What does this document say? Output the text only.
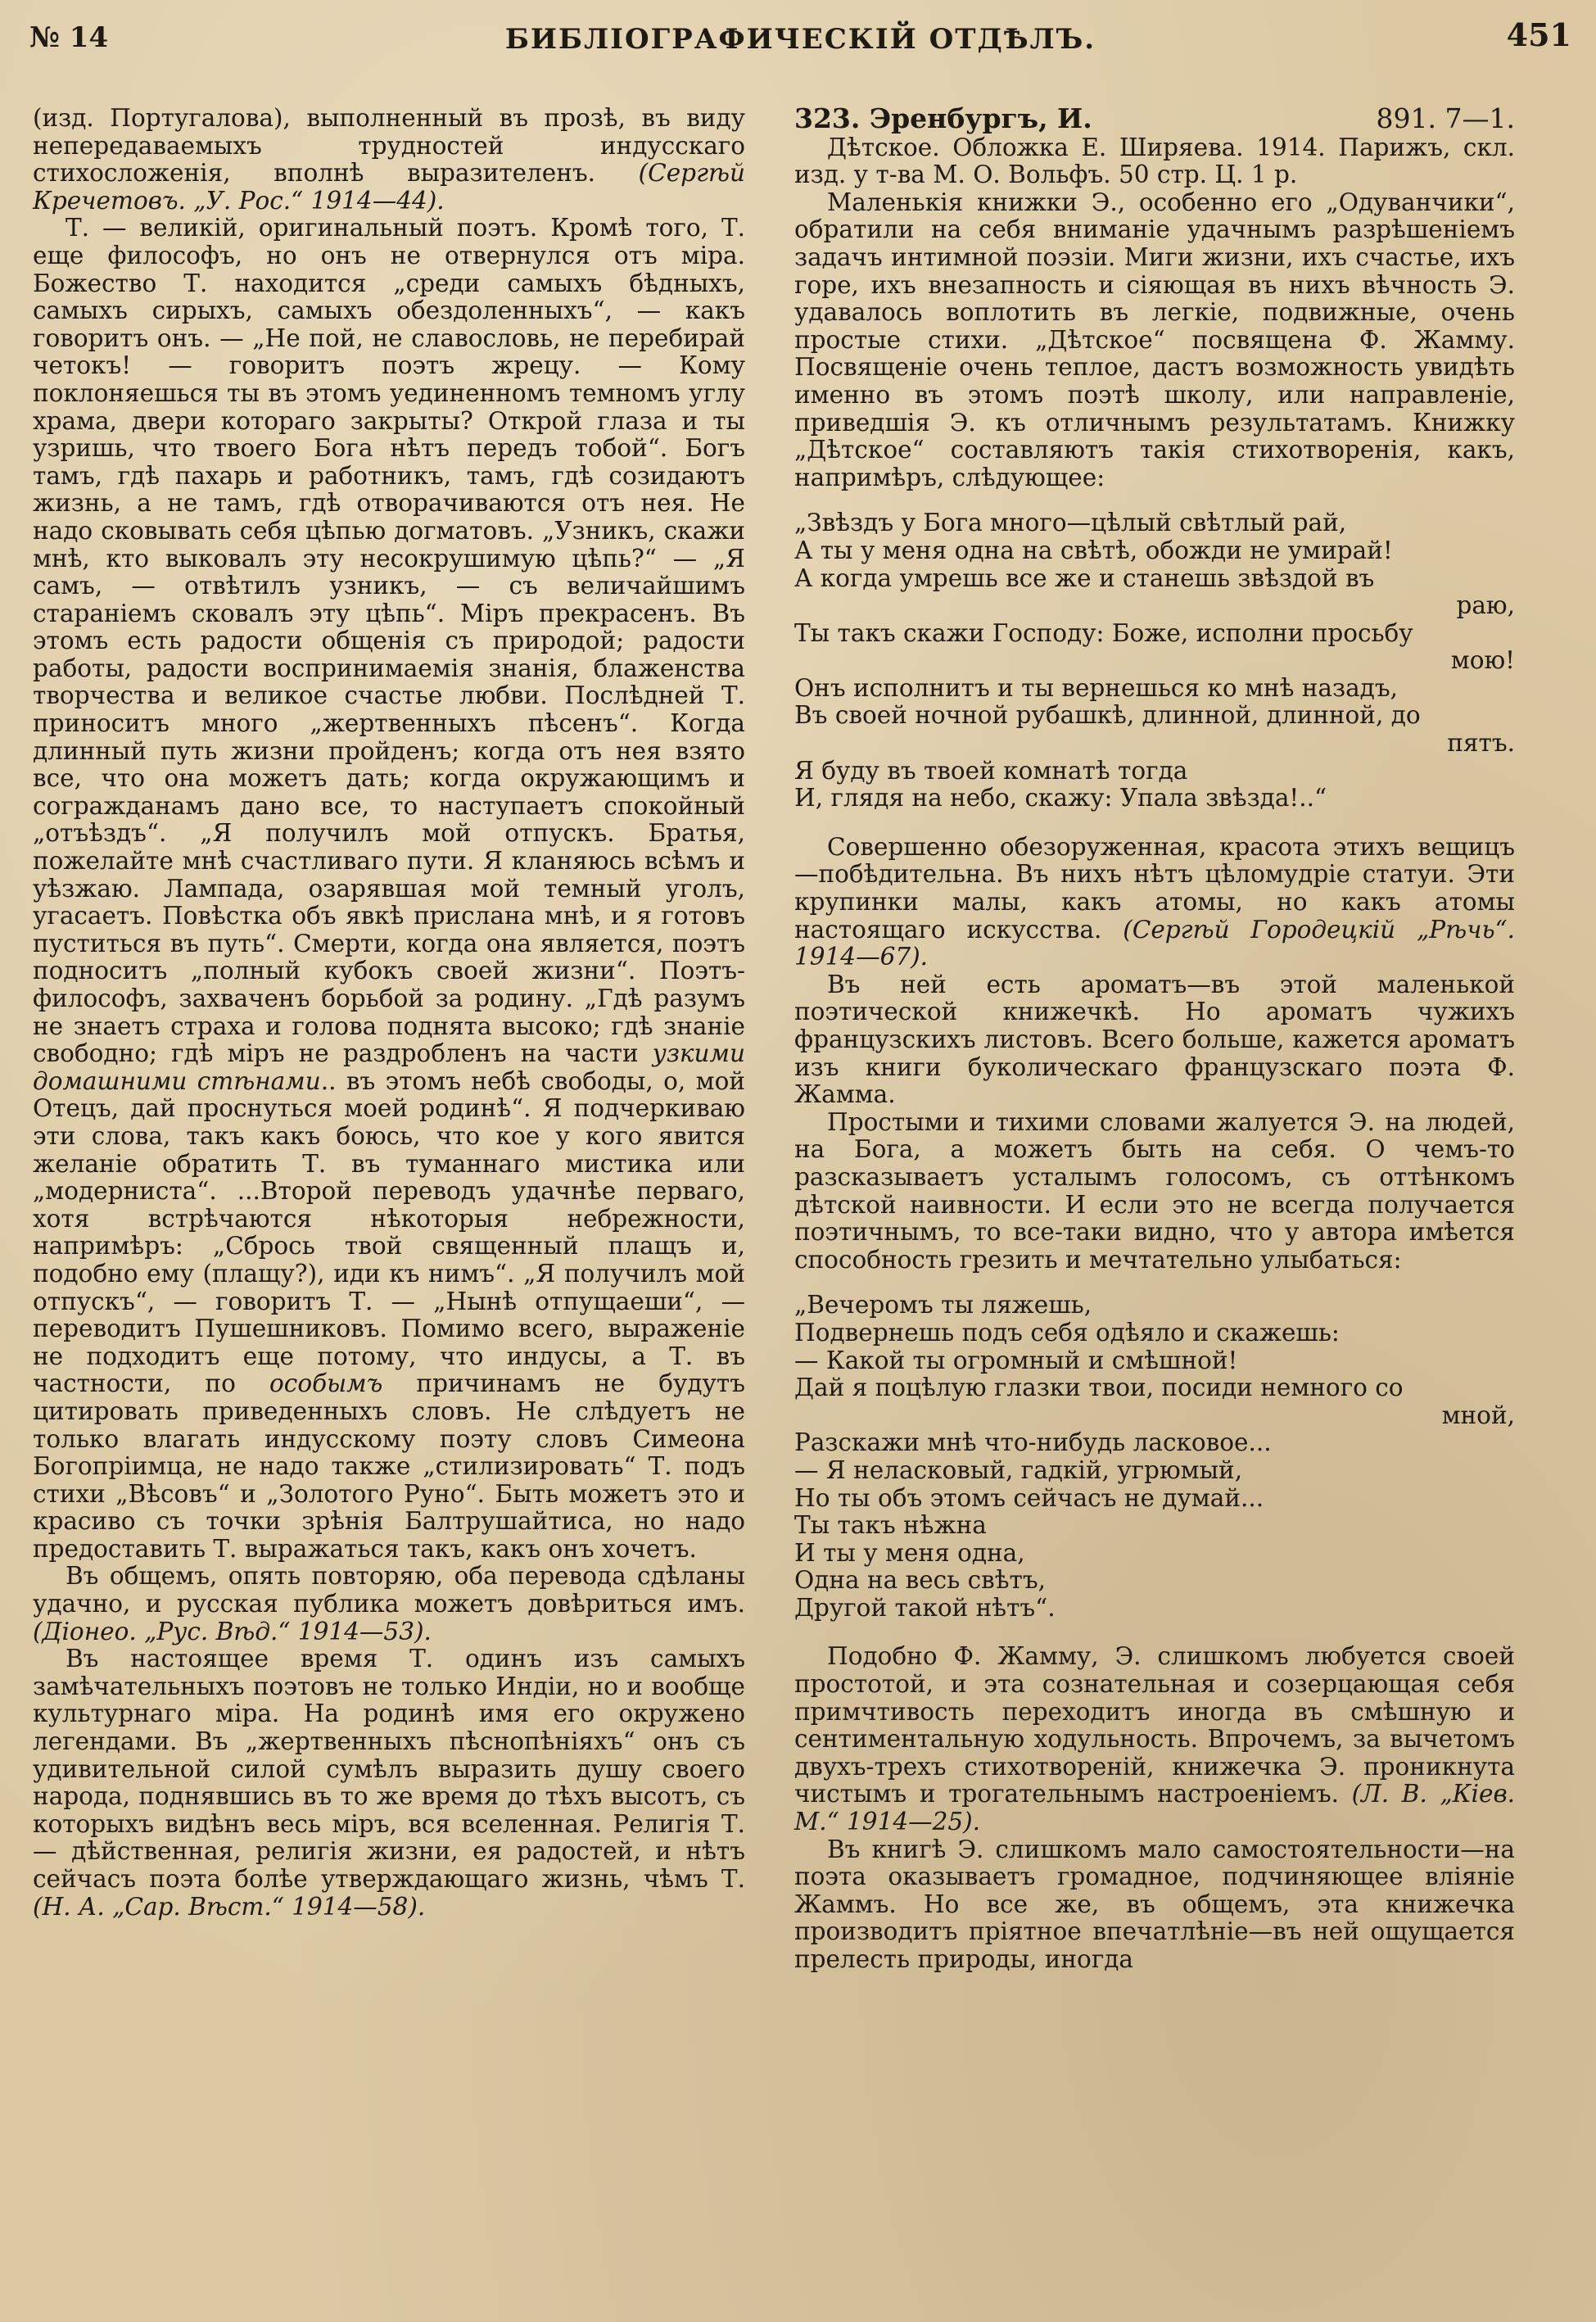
№ 14	БИБЛІОГРАФИЧЕСКІЙ ОТДѢЛЪ.	451

(изд. Португалова), выполненный въ прозѣ, въ виду непередаваемыхъ трудностей индусскаго стихосложенія, вполнѣ выразителенъ. (Сергѣй Кречетовъ. „У. Рос.“ 1914—44).

Т. — великій, оригинальный поэтъ. Кромѣ того, Т. еще философъ, но онъ не отвернулся отъ міра. Божество Т. находится „среди самыхъ бѣдныхъ, самыхъ сирыхъ, самыхъ обездоленныхъ“, — какъ говоритъ онъ. — „Не пой, не славословь, не перебирай четокъ! — говоритъ поэтъ жрецу. — Кому поклоняешься ты въ этомъ уединенномъ темномъ углу храма, двери котораго закрыты? Открой глаза и ты узришь, что твоего Бога нѣтъ передъ тобой“. Богъ тамъ, гдѣ пахарь и работникъ, тамъ, гдѣ созидаютъ жизнь, а не тамъ, гдѣ отворачиваются отъ нея. Не надо сковывать себя цѣпью догматовъ. „Узникъ, скажи мнѣ, кто выковалъ эту несокрушимую цѣпь?“ — „Я самъ, — отвѣтилъ узникъ, — съ величайшимъ стараніемъ сковалъ эту цѣпь“. Міръ прекрасенъ. Въ этомъ есть радости общенія съ природой; радости работы, радости воспринимаемія знанія, блаженства творчества и великое счастье любви. Послѣдней Т. приноситъ много „жертвенныхъ пѣсенъ“. Когда длинный путь жизни пройденъ; когда отъ нея взято все, что она можетъ дать; когда окружающимъ и согражданамъ дано все, то наступаетъ спокойный „отъѣздъ“. „Я получилъ мой отпускъ. Братья, пожелайте мнѣ счастливаго пути. Я кланяюсь всѣмъ и уѣзжаю. Лампада, озарявшая мой темный уголъ, угасаетъ. Повѣстка объ явкѣ прислана мнѣ, и я готовъ пуститься въ путь“. Смерти, когда она является, поэтъ подноситъ „полный кубокъ своей жизни“. Поэтъ-философъ, захваченъ борьбой за родину. „Гдѣ разумъ не знаетъ страха и голова поднята высоко; гдѣ знаніе свободно; гдѣ міръ не раздробленъ на части узкими домашними стѣнами.. въ этомъ небѣ свободы, о, мой Отецъ, дай проснуться моей родинѣ“. Я подчеркиваю эти слова, такъ какъ боюсь, что кое у кого явится желаніе обратить Т. въ туманнаго мистика или „модерниста“. ...Второй переводъ удачнѣе перваго, хотя встрѣчаются нѣкоторыя небрежности, напримѣръ: „Сбрось твой священный плащъ и, подобно ему (плащу?), иди къ нимъ“. „Я получилъ мой отпускъ“, — говоритъ Т. — „Нынѣ отпущаеши“, — переводитъ Пушешниковъ. Помимо всего, выраженіе не подходитъ еще потому, что индусы, а Т. въ частности, по особымъ причинамъ не будутъ цитировать приведенныхъ словъ. Не слѣдуетъ не только влагать индусскому поэту словъ Симеона Богопріимца, не надо также „стилизировать“ Т. подъ стихи „Вѣсовъ“ и „Золотого Руно“. Быть можетъ это и красиво съ точки зрѣнія Балтрушайтиса, но надо предоставить Т. выражаться такъ, какъ онъ хочетъ.

Въ общемъ, опять повторяю, оба перевода сдѣланы удачно, и русская публика можетъ довѣриться имъ. (Діонео. „Рус. Вѣд.“ 1914—53).

Въ настоящее время Т. одинъ изъ самыхъ замѣчательныхъ поэтовъ не только Индіи, но и вообще культурнаго міра. На родинѣ имя его окружено легендами. Въ „жертвенныхъ пѣснопѣніяхъ“ онъ съ удивительной силой сумѣлъ выразить душу своего народа, поднявшись въ то же время до тѣхъ высотъ, съ которыхъ видѣнъ весь міръ, вся вселенная. Религія Т. — дѣйственная, религія жизни, ея радостей, и нѣтъ сейчасъ поэта болѣе утверждающаго жизнь, чѣмъ Т. (Н. А. „Сар. Вѣст.“ 1914—58).

323. Эренбургъ, И.	891. 7—1.

Дѣтское. Обложка Е. Ширяева. 1914. Парижъ, скл. изд. у т-ва М. О. Вольфъ. 50 стр. Ц. 1 р.

Маленькія книжки Э., особенно его „Одуванчики“, обратили на себя вниманіе удачнымъ разрѣшеніемъ задачъ интимной поэзіи. Миги жизни, ихъ счастье, ихъ горе, ихъ внезапность и сіяющая въ нихъ вѣчность Э. удавалось воплотить въ легкіе, подвижные, очень простые стихи. „Дѣтское“ посвящена Ф. Жамму. Посвященіе очень теплое, дастъ возможность увидѣть именно въ этомъ поэтѣ школу, или направленіе, приведшія Э. къ отличнымъ результатамъ. Книжку „Дѣтское“ составляютъ такія стихотворенія, какъ, напримѣръ, слѣдующее:

„Звѣздъ у Бога много—цѣлый свѣтлый рай,
А ты у меня одна на свѣтѣ, обожди не умирай!
А когда умрешь все же и станешь звѣздой въ
раю,
Ты такъ скажи Господу: Боже, исполни просьбу
мою!
Онъ исполнитъ и ты вернешься ко мнѣ назадъ,
Въ своей ночной рубашкѣ, длинной, длинной, до
пятъ.
Я буду въ твоей комнатѣ тогда
И, глядя на небо, скажу: Упала звѣзда!..“

Совершенно обезоруженная, красота этихъ вещицъ—побѣдительна. Въ нихъ нѣтъ цѣломудріе статуи. Эти крупинки малы, какъ атомы, но какъ атомы настоящаго искусства. (Сергѣй Городецкій „Рѣчь“. 1914—67).

Въ ней есть ароматъ—въ этой маленькой поэтической книжечкѣ. Но ароматъ чужихъ французскихъ листовъ. Всего больше, кажется ароматъ изъ книги буколическаго французскаго поэта Ф. Жамма.

Простыми и тихими словами жалуется Э. на людей, на Бога, а можетъ быть на себя. О чемъ-то разсказываетъ усталымъ голосомъ, съ оттѣнкомъ дѣтской наивности. И если это не всегда получается поэтичнымъ, то все-таки видно, что у автора имѣется способность грезить и мечтательно улыбаться:

„Вечеромъ ты ляжешь,
Подвернешь подъ себя одѣяло и скажешь:
— Какой ты огромный и смѣшной!
Дай я поцѣлую глазки твои, посиди немного со
мной,
Разскажи мнѣ что-нибудь ласковое...
— Я неласковый, гадкій, угрюмый,
Но ты объ этомъ сейчасъ не думай...
Ты такъ нѣжна
И ты у меня одна,
Одна на весь свѣтъ,
Другой такой нѣтъ“.

Подобно Ф. Жамму, Э. слишкомъ любуется своей простотой, и эта сознательная и созерцающая себя примчтивость переходитъ иногда въ смѣшную и сентиментальную ходульность. Впрочемъ, за вычетомъ двухъ-трехъ стихотвореній, книжечка Э. проникнута чистымъ и трогательнымъ настроеніемъ. (Л. В. „Кіев. М.“ 1914—25).

Въ книгѣ Э. слишкомъ мало самостоятельности—на поэта оказываетъ громадное, подчиняющее вліяніе Жаммъ. Но все же, въ общемъ, эта книжечка производитъ пріятное впечатлѣніе—въ ней ощущается прелесть природы, иногда
